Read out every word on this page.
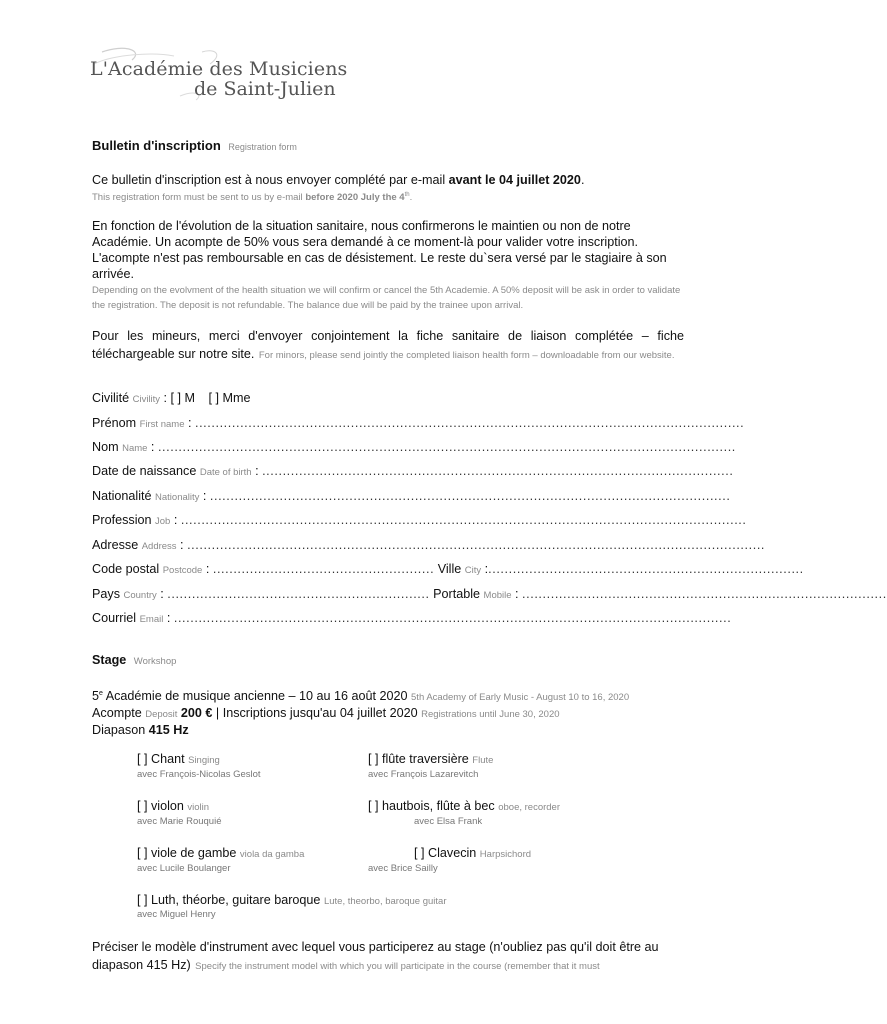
L'Académie des Musiciens
de Saint-Julien
Bulletin d'inscription Registration form
Ce bulletin d'inscription est à nous envoyer complété par e-mail avant le 04 juillet 2020.
This registration form must be sent to us by e-mail before 2020 July the 4th.
En fonction de l'évolution de la situation sanitaire, nous confirmerons le maintien ou non de notre Académie. Un acompte de 50% vous sera demandé à ce moment-là pour valider votre inscription. L'acompte n'est pas remboursable en cas de désistement. Le reste du`sera versé par le stagiaire à son arrivée.
Depending on the evolvment of the health situation we will confirm or cancel the 5th Academie. A 50% deposit will be ask in order to validate the registration. The deposit is not refundable. The balance due will be paid by the trainee upon arrival.
Pour les mineurs, merci d'envoyer conjointement la fiche sanitaire de liaison complétée – fiche téléchargeable sur notre site. For minors, please send jointly the completed liaison health form – downloadable from our website.
Civilité Civility : [ ] M [ ] Mme
Prénom First name : ......................................................................................................................................
Nom Name : .............................................................................................................................................
Date de naissance Date of birth : ...................................................................................................................
Nationalité Nationality : ...............................................................................................................................
Profession Job : ..........................................................................................................................................
Adresse Address : .............................................................................................................................................
Code postal Postcode : ...................................................... Ville City :.............................................................................
Pays Country : ................................................................ Portable Mobile : .........................................................................................
Courriel Email : ........................................................................................................................................
Stage Workshop
5e Académie de musique ancienne – 10 au 16 août 2020 5th Academy of Early Music - August 10 to 16, 2020
Acompte Deposit 200 € | Inscriptions jusqu'au 04 juillet 2020 Registrations until June 30, 2020
Diapason 415 Hz
[ ] Chant Singing
avec François-Nicolas Geslot
[ ] flûte traversière Flute
avec François Lazarevitch
[ ] violon violin
avec Marie Rouquié
[ ] hautbois, flûte à bec oboe, recorder
avec Elsa Frank
[ ] viole de gambe viola da gamba
avec Lucile Boulanger
[ ] Clavecin Harpsichord
avec Brice Sailly
[ ] Luth, théorbe, guitare baroque Lute, theorbo, baroque guitar
avec Miguel Henry
Préciser le modèle d'instrument avec lequel vous participerez au stage (n'oubliez pas qu'il doit être au diapason 415 Hz) Specify the instrument model with which you will participate in the course (remember that it must
